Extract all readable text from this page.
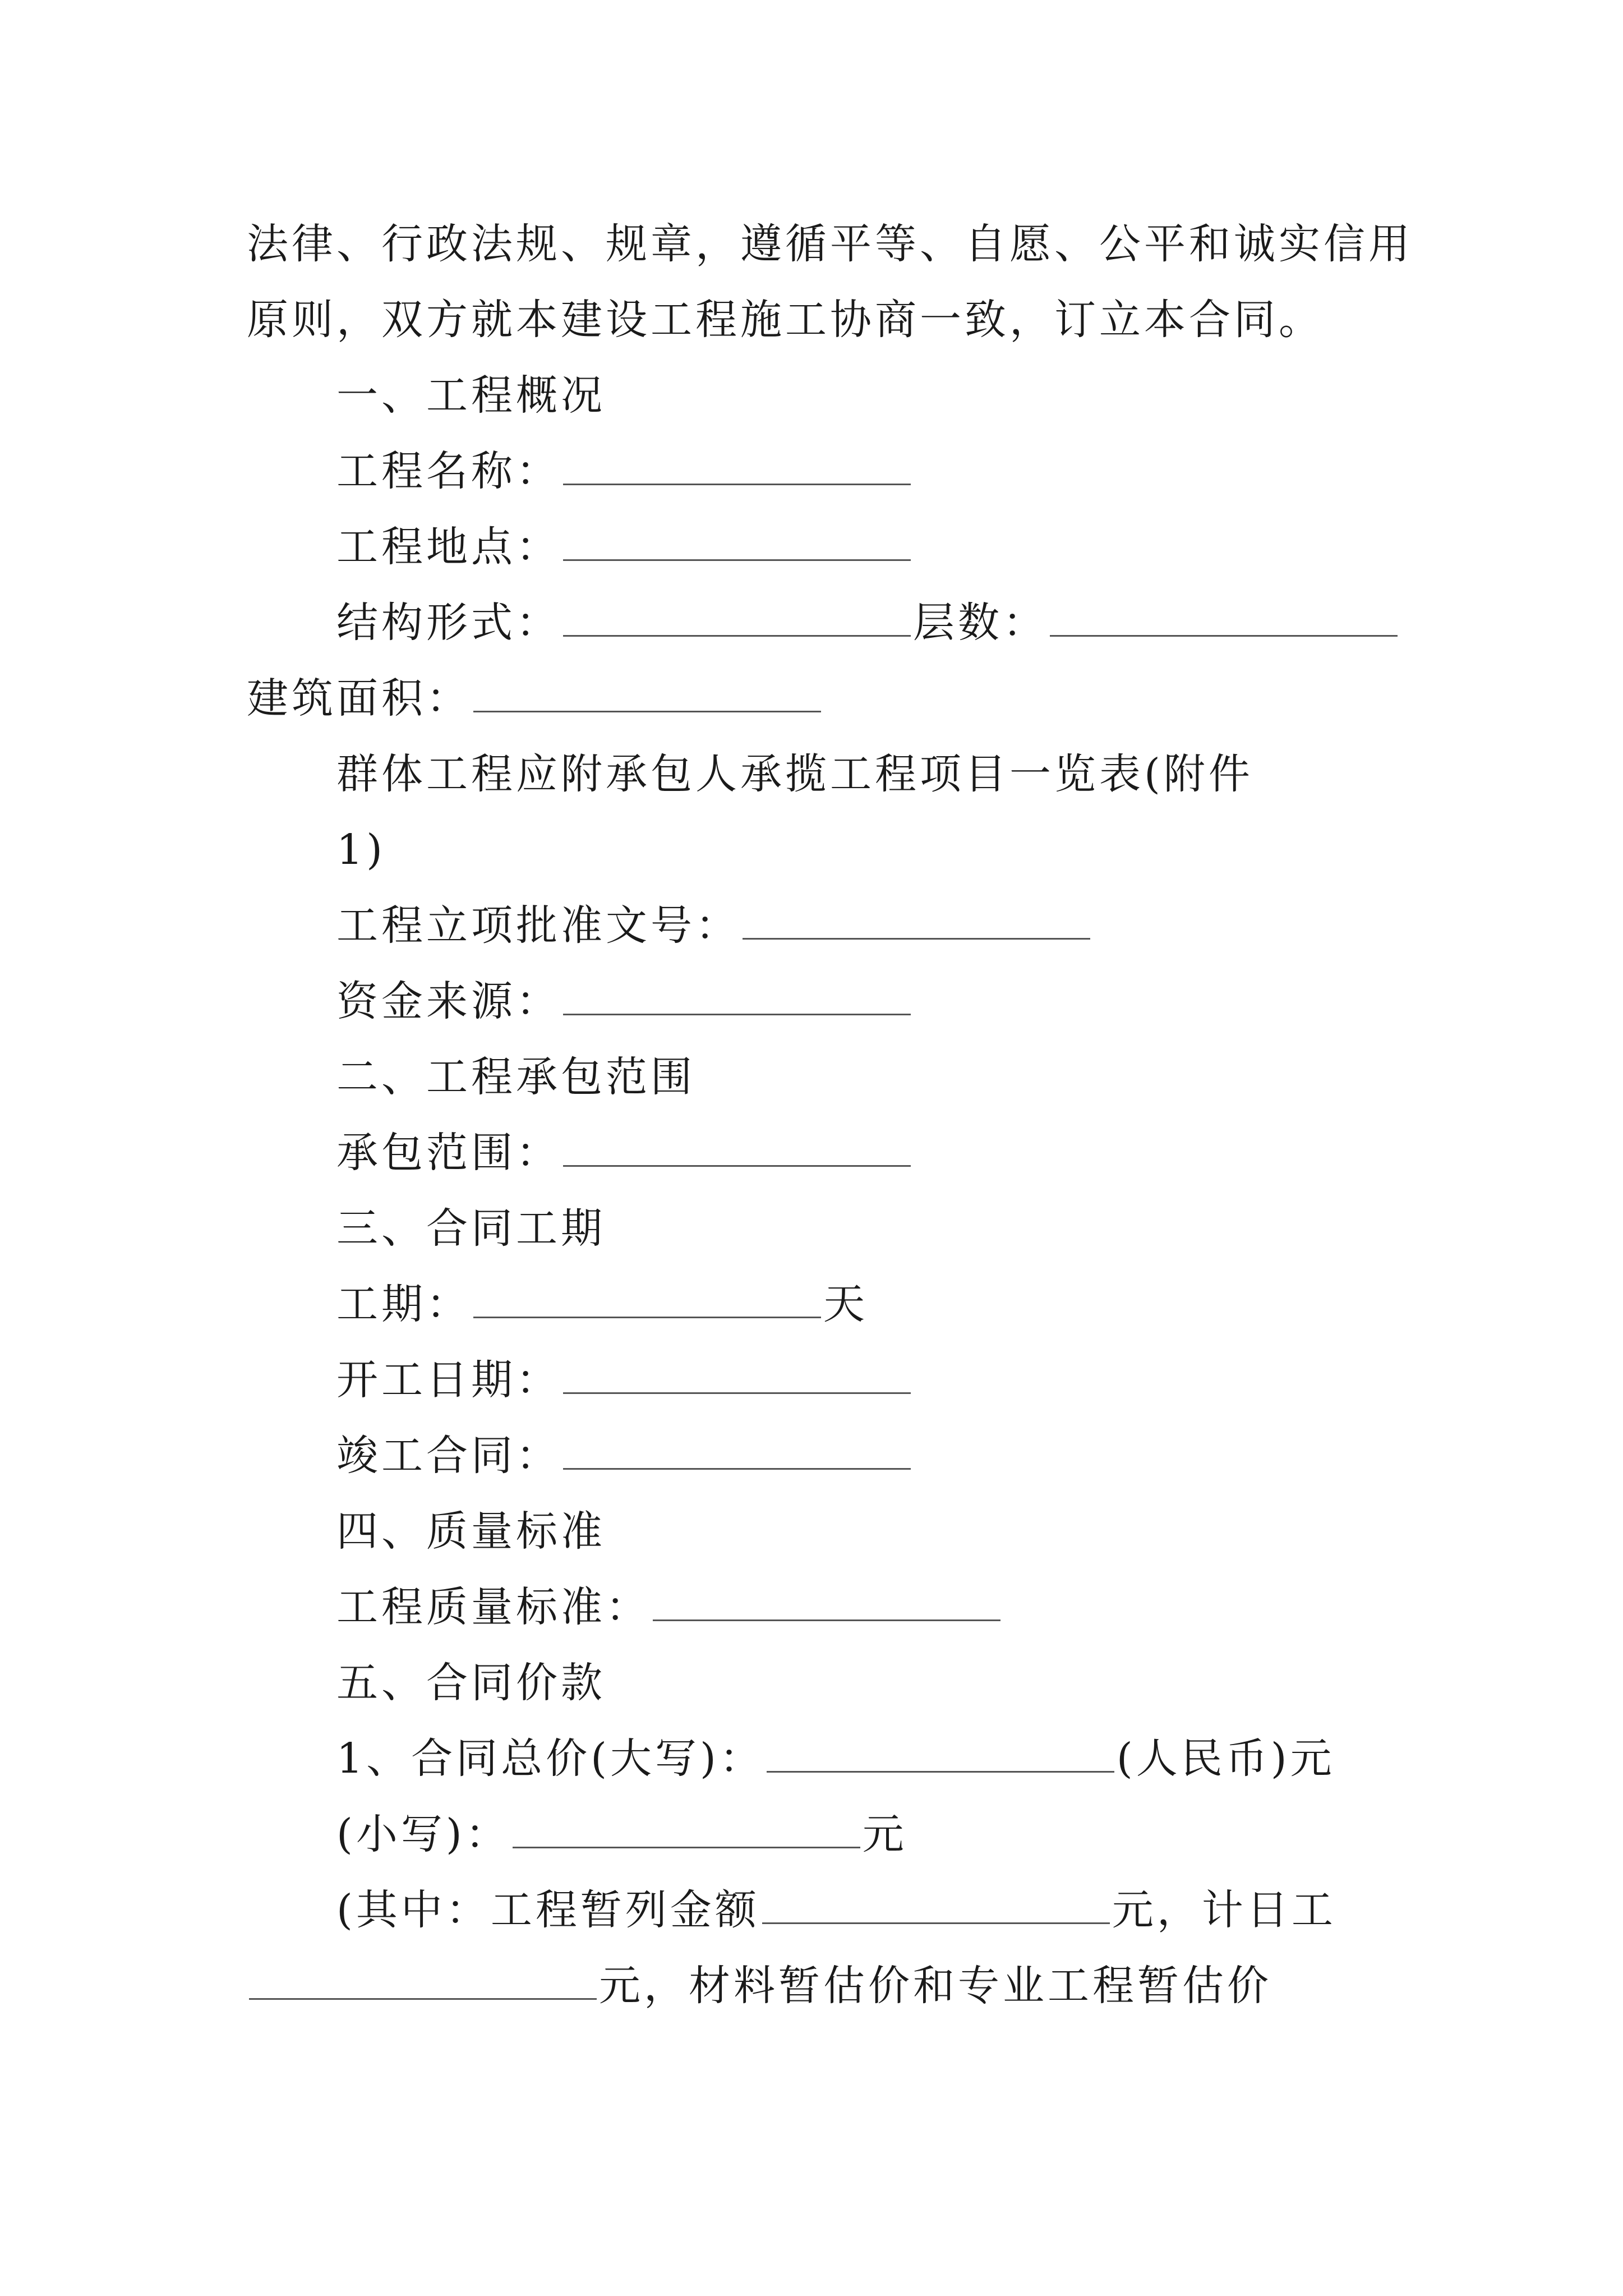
法律、行政法规、规章，遵循平等、自愿、公平和诚实信用
原则，双方就本建设工程施工协商一致，订立本合同。
一、工程概况
工程名称：
工程地点：
结构形式：	层数：
建筑面积：
群体工程应附承包人承揽工程项目一览表(附件
1)
工程立项批准文号：
资金来源：
二、工程承包范围
承包范围：
三、合同工期
工期：	天
开工日期：
竣工合同：
四、质量标准
工程质量标准：
五、合同价款
1、合同总价(大写)：	(人民币)元
(小写)：	元
(其中：工程暂列金额	元，计日工
元，材料暂估价和专业工程暂估价
